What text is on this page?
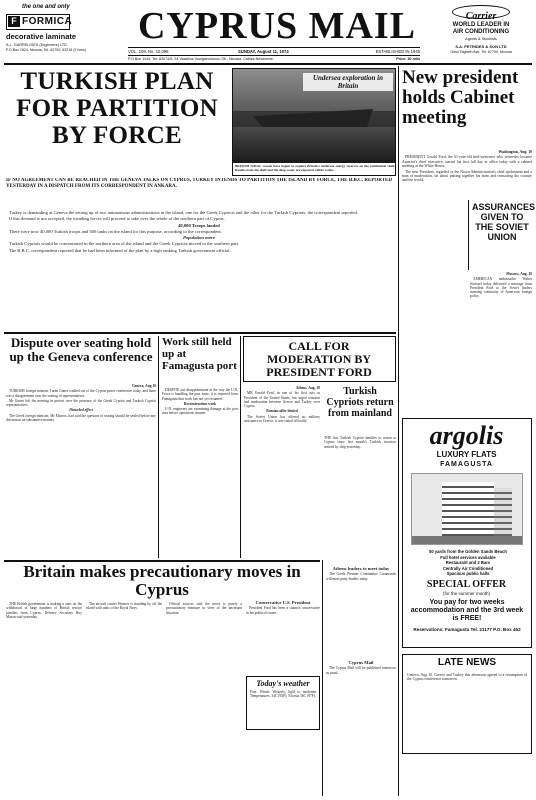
the one and only
F FORMICA
decorative laminate
A.L. GARRELIDES (Engineers) LTD.
P.O.Box 1824, Nicosia, Tel. 62700, 63215 (3 lines)
CYPRUS MAIL	Carrier
WORLD LEADER IN
AIR CONDITIONING
Agents & Stockists
S.A. PETRIDES & SON LTD
Orinu Digbeth Ave, Tel. 67799, Nicosia
VOL. 109, No. 10,098	SUNDAY, August 11, 1974	ESTABLISHED IN 1945
P.O.Box 1144, Tel: 63074/5, 24 Vassilios Voulgaroctonou Str., Nicosia. Cables Newsmine.	Price: 30 mils
TURKISH PLAN FOR PARTITION BY FORCE
IF NO AGREEMENT CAN BE REACHED IN THE GENEVA TALKS ON CYPRUS, TURKEY INTENDS TO PARTITION THE ISLAND BY FORCE, THE B.B.C. REPORTED YESTERDAY IN A DISPATCH FROM ITS CORRESPONDENT IN ANKARA.

Turkey is demanding at Geneva the setting up of two autonomous administrations in the island, one for the Greek Cypriots and the other for the Turkish Cypriots, the correspondent reported.

If this demand is not accepted, the invading forces will proceed to take over the whole of the northern part of Cyprus.

40,000 Troops landed

There were now 40,000 Turkish troops and 300 tanks on the island for this purpose, according to the correspondent.

Population move

Turkish Cypriots would be concentrated in the northern area of the island and the Greek Cypriots moved to the southern part.

The B.B.C. correspondent reported that he had been informed of the plan by a high ranking Turkish government official.

Undersea exploration in Britain
BRITISH NAVAL vessels have begun to explore Britain's undersea energy reserves on the continental shelf. Results from the shelf and the deep water are expected within weeks.
New president holds Cabinet meeting

Washington, Aug. 10

PRESIDENT Gerald Ford, the 61-year-old mid-westerner who yesterday became America's chief executive, started his first full day in office today with a cabinet meeting at the White House.

The new President, regarded as the Nixon Administration's chief spokesman and a man of moderation, set about putting together his team and reassuring the country and the world.

ASSURANCES GIVEN TO THE SOVIET UNION

Moscow, Aug. 10

AMERICAN ambassador Walter Stoessel today delivered a message from President Ford to the Soviet leaders assuring continuity of American foreign policy.

argolis
LUXURY FLATS
FAMAGUSTA
50 yards from the Golden Sands Beach
Full hotel services available
Restaurant and 2 Bars
Centrally Air Conditioned
Spacious public halls
SPECIAL OFFER
(for the summer month)
You pay for two weeks accommodation and the 3rd week is FREE!
Reservations: Famagusta Tel. 21177 P.O. Box 452
LATE NEWS
Geneva, Aug 10. Greece and Turkey this afternoon agreed to a resumption of the Cyprus conference tomorrow.
Dispute over seating hold up the Geneva conference

Geneva, Aug 10

TURKISH foreign minister Turan Gunes walked out of the Cyprus peace conference today, and there was a disagreement over the seating of representatives.

Mr Gunes left the meeting in protest over the presence of the Greek Cypriot and Turkish Cypriot representatives.

Disturbed effect

The Greek foreign minister, Mr Mavros, had said the question of seating should be settled before any discussion on substantive matters.

Work still held up at Famagusta port

DESPITE our disappointment at the way the U.N. Force is handling the port issue, it is reported from Famagusta that work has not yet resumed.

Reconstruction work

U.N. engineers are examining damage at the port area before operations resume.

CALL FOR MODERATION BY PRESIDENT FORD

Athens, Aug. 10

MR Gerald Ford, in one of his first acts as President of the United States, has urged restraint and moderation between Greece and Turkey over Cyprus.

Russian offer denied

The Soviet Union has offered no military assistance to Greece, it was stated officially.

Turkish Cypriots return from mainland
THE first Turkish Cypriot families to return to Cyprus since last month's Turkish invasion arrived by ship yesterday.
Britain makes precautionary moves in Cyprus

THE British government is making a start on the withdrawal of large numbers of British service families from Cyprus, Defence Secretary Roy Mason said yesterday.

The aircraft carrier Hermes is standing by off the island with units of the Royal Navy.

Official sources said the move is purely a precautionary measure in view of the uncertain situation.

Today's weather
Fine. Winds: Westerly, light to moderate. Temperatures: 34C (93F); Nicosia 36C (97F).

Conservative U.S. President

President Ford has been a staunch conservative in his political career.

Athens leaders to meet today

The Greek Premier Constantine Caramanlis will meet party leaders today.

Cyprus Mail

The Cyprus Mail will be published tomorrow as usual.
